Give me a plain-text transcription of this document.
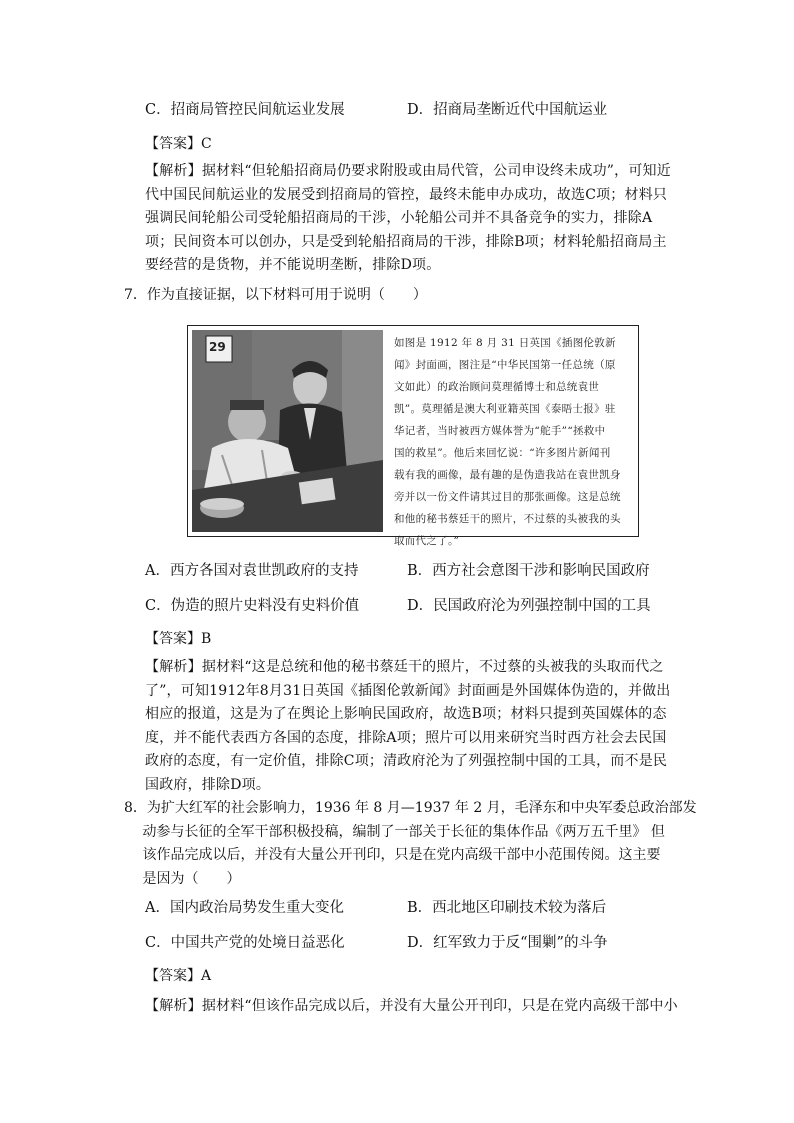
C．招商局管控民间航运业发展	D．招商局垄断近代中国航运业
【答案】C

【解析】据材料“但轮船招商局仍要求附股或由局代管，公司申设终未成功”，可知近

代中国民间航运业的发展受到招商局的管控，最终未能申办成功，故选C项；材料只

强调民间轮船公司受轮船招商局的干涉，小轮船公司并不具备竞争的实力，排除A

项；民间资本可以创办，只是受到轮船招商局的干涉，排除B项；材料轮船招商局主

要经营的是货物，并不能说明垄断，排除D项。

7．作为直接证据，以下材料可用于说明（　　）
29	如图是 1912 年 8 月 31 日英国《插图伦敦新

闻》封面画，图注是“中华民国第一任总统（原

文如此）的政治顾问莫理循博士和总统袁世

凯”。莫理循是澳大利亚籍英国《泰晤士报》驻

华记者，当时被西方媒体誉为“舵手”“拯救中

国的救星”。他后来回忆说：“许多图片新闻刊

载有我的画像，最有趣的是伪造我站在袁世凯身

旁并以一份文件请其过目的那张画像。这是总统

和他的秘书蔡廷干的照片，不过蔡的头被我的头

取而代之了。”

A．西方各国对袁世凯政府的支持	B．西方社会意图干涉和影响民国政府
C．伪造的照片史料没有史料价值	D．民国政府沦为列强控制中国的工具
【答案】B

【解析】据材料“这是总统和他的秘书蔡廷干的照片，不过蔡的头被我的头取而代之

了”，可知1912年8月31日英国《插图伦敦新闻》封面画是外国媒体伪造的，并做出

相应的报道，这是为了在舆论上影响民国政府，故选B项；材料只提到英国媒体的态

度，并不能代表西方各国的态度，排除A项；照片可以用来研究当时西方社会去民国

政府的态度，有一定价值，排除C项；清政府沦为了列强控制中国的工具，而不是民

国政府，排除D项。

8．为扩大红军的社会影响力，1936 年 8 月—1937 年 2 月，毛泽东和中央军委总政治部发

　 动参与长征的全军干部积极投稿，编制了一部关于长征的集体作品《两万五千里》 但

　 该作品完成以后，并没有大量公开刊印，只是在党内高级干部中小范围传阅。这主要

　 是因为（　　）

A．国内政治局势发生重大变化	B．西北地区印刷技术较为落后
C．中国共产党的处境日益恶化	D．红军致力于反“围剿”的斗争
【答案】A

【解析】据材料“但该作品完成以后，并没有大量公开刊印，只是在党内高级干部中小
